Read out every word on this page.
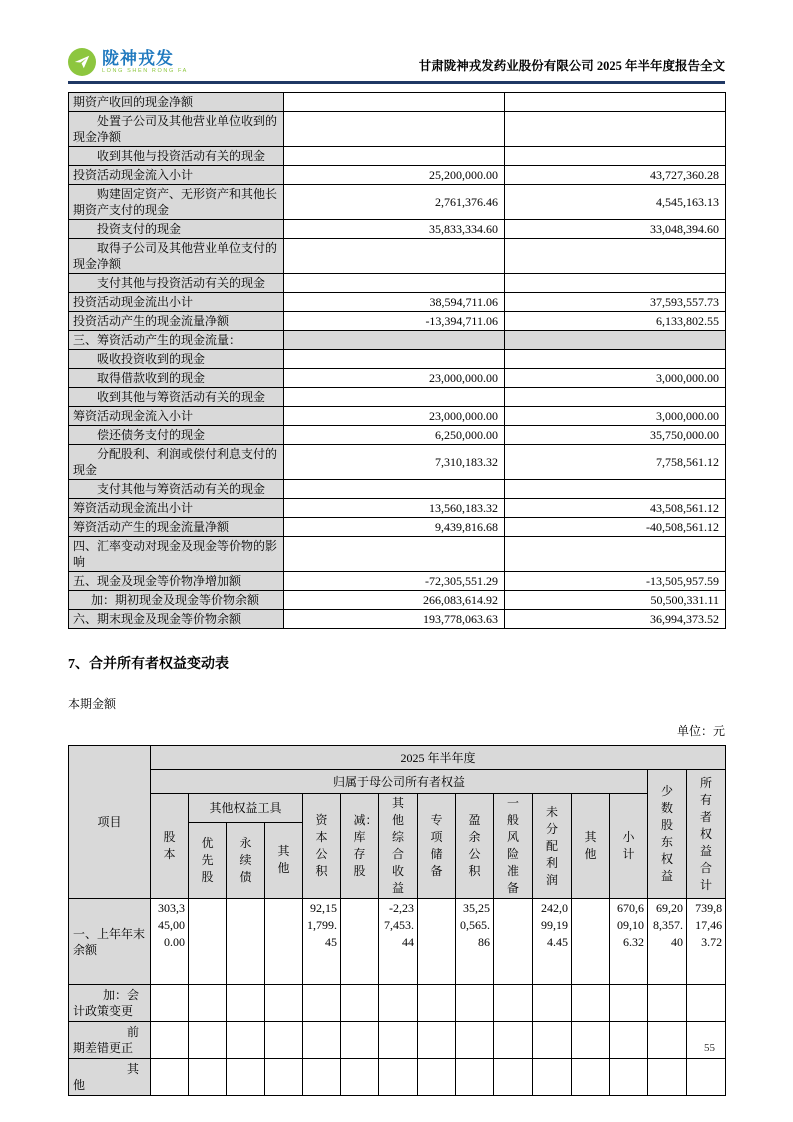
陇神戎发
LONG SHEN RONG FA	甘肃陇神戎发药业股份有限公司 2025 年半年度报告全文
期资产收回的现金净额		
处置子公司及其他营业单位收到的现金净额		
收到其他与投资活动有关的现金		
投资活动现金流入小计	25,200,000.00	43,727,360.28
购建固定资产、无形资产和其他长期资产支付的现金	2,761,376.46	4,545,163.13
投资支付的现金	35,833,334.60	33,048,394.60
取得子公司及其他营业单位支付的现金净额		
支付其他与投资活动有关的现金		
投资活动现金流出小计	38,594,711.06	37,593,557.73
投资活动产生的现金流量净额	-13,394,711.06	6,133,802.55
三、筹资活动产生的现金流量：		
吸收投资收到的现金		
取得借款收到的现金	23,000,000.00	3,000,000.00
收到其他与筹资活动有关的现金		
筹资活动现金流入小计	23,000,000.00	3,000,000.00
偿还债务支付的现金	6,250,000.00	35,750,000.00
分配股利、利润或偿付利息支付的现金	7,310,183.32	7,758,561.12
支付其他与筹资活动有关的现金		
筹资活动现金流出小计	13,560,183.32	43,508,561.12
筹资活动产生的现金流量净额	9,439,816.68	-40,508,561.12
四、汇率变动对现金及现金等价物的影响		
五、现金及现金等价物净增加额	-72,305,551.29	-13,505,957.59
加：期初现金及现金等价物余额	266,083,614.92	50,500,331.11
六、期末现金及现金等价物余额	193,778,063.63	36,994,373.52
7、合并所有者权益变动表
本期金额
单位：元
项目	2025 年半年度														
	归属于母公司所有者权益													少数股东权益	所有者权益合计
	股本	其他权益工具			资本公积	减：库存股	其他综合收益	专项储备	盈余公积	一般风险准备	未分配利润	其他	小计		
		优先股	永续债	其他											
一、上年年末余额	303,345,000.00				92,151,799.45		-2,237,453.44		35,250,565.86		242,099,194.45		670,609,106.32	69,208,357.40	739,817,463.72
加：会计政策变更															
前期差错更正															
其他															
55
